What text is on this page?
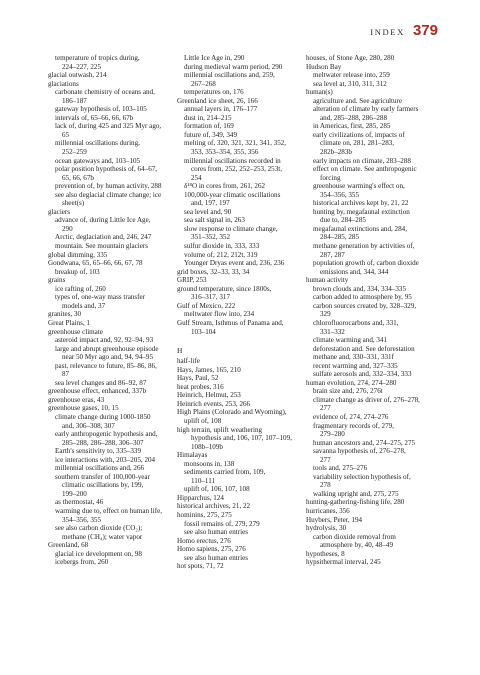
INDEX 379
temperature of tropics during,
224–227, 225
glacial outwash, 214
glaciations
carbonate chemistry of oceans and,
186–187
gateway hypothesis of, 103–105
intervals of, 65–66, 66, 67b
lack of, during 425 and 325 Myr ago,
65
millennial oscillations during,
252–259
ocean gateways and, 103–105
polar position hypothesis of, 64–67,
65, 66, 67b
prevention of, by human activity, 288
see also deglacial climate change; ice
sheet(s)
glaciers
advance of, during Little Ice Age,
290
Arctic, deglaciation and, 246, 247
mountain. See mountain glaciers
global dimming, 335
Gondwana, 65, 65–66, 66, 67, 78
breakup of, 103
grains
ice rafting of, 260
types of, one-way mass transfer
models and, 37
granites, 30
Great Plains, 1
greenhouse climate
asteroid impact and, 92, 92–94, 93
large and abrupt greenhouse episode
near 50 Myr ago and, 94, 94–95
past, relevance to future, 85–86, 86,
87
sea level changes and 86–92, 87
greenhouse effect, enhanced, 337b
greenhouse eras, 43
greenhouse gases, 10, 15
climate change during 1000-1850
and, 306–308, 307
early anthropogenic hypothesis and,
285–288, 286–288, 306–307
Earth's sensitivity to, 335–339
ice interactions with, 203–205, 204
millennial oscillations and, 266
southern transfer of 100,000-year
climatic oscillations by, 199,
199–200
as thermostat, 46
warming due to, effect on human life,
354–356, 355
see also carbon dioxide (CO₂);
methane (CH₄); water vapor
Greenland, 68
glacial ice development on, 98
icebergs from, 260
Little Ice Age in, 290
during medieval warm period, 290
millennial oscillations and, 259,
267–268
temperatures on, 176
Greenland ice sheet, 26, 166
annual layers in, 176–177
dust in, 214–215
formation of, 169
future of, 349, 349
melting of, 320, 321, 321, 341, 352,
353, 353–354, 355, 356
millennial oscillations recorded in
cores from, 252, 252–253, 253t,
254
δ¹⁸O in cores from, 261, 262
100,000-year climatic oscillations
and, 197, 197
sea level and, 90
sea salt signal in, 263
slow response to climate change,
351–352, 352
sulfur dioxide in, 333, 333
volume of, 212, 212t, 319
Younger Dryas event and, 236, 236
grid boxes, 32–33, 33, 34
GRIP, 253
ground temperature, since 1800s,
316–317, 317
Gulf of Mexico, 222
meltwater flow into, 234
Gulf Stream, Isthmus of Panama and,
103–104
H
half-life
Hays, James, 165, 210
Hays, Paul, 52
heat probes, 316
Heinrich, Helmut, 253
Heinrich events, 253, 266
High Plains (Colorado and Wyoming),
uplift of, 108
high terrain, uplift weathering
hypothesis and, 106, 107, 107–109,
108b–109b
Himalayas
monsoons in, 138
sediments carried from, 109,
110–111
uplift of, 106, 107, 108
Hipparchus, 124
historical archives, 21, 22
hominins, 275, 275
fossil remains of, 279, 279
see also human entries
Homo erectus, 276
Homo sapiens, 275, 276
see also human entries
hot spots, 71, 72
houses, of Stone Age, 280, 280
Hudson Bay
meltwater release into, 259
sea level at, 310, 311, 312
human(s)
agriculture and. See agriculture
alteration of climate by early farmers
and, 285–288, 286–288
in Americas, first, 285, 285
early civilizations of, impacts of
climate on, 281, 281–283,
282b–283b
early impacts on climate, 283–288
effect on climate. See anthropogenic
forcing
greenhouse warming's effect on,
354–356, 355
historical archives kept by, 21, 22
hunting by, megafaunal extinction
due to, 284–285
megafaunal extinctions and, 284,
284–285, 285
methane generation by activities of,
287, 287
population growth of, carbon dioxide
emissions and, 344, 344
human activity
brown clouds and, 334, 334–335
carbon added to atmosphere by, 95
carbon sources created by, 328–329,
329
chlorofluorocarbons and, 331,
331–332
climate warming and, 341
deforestation and. See deforestation
methane and, 330–331, 331f
recent warming and, 327–335
sulfate aerosols and, 332–334, 333
human evolution, 274, 274–280
brain size and, 276, 276t
climate change as driver of, 276–278,
277
evidence of, 274, 274–276
fragmentary records of, 279,
279–280
human ancestors and, 274–275, 275
savanna hypothesis of, 276–278,
277
tools and, 275–276
variability selection hypothesis of,
278
walking upright and, 275, 275
hunting-gathering-fishing life, 280
hurricanes, 356
Huybers, Peter, 194
hydrolysis, 30
carbon dioxide removal from
atmosphere by, 40, 48–49
hypotheses, 8
hypsithermal interval, 245
